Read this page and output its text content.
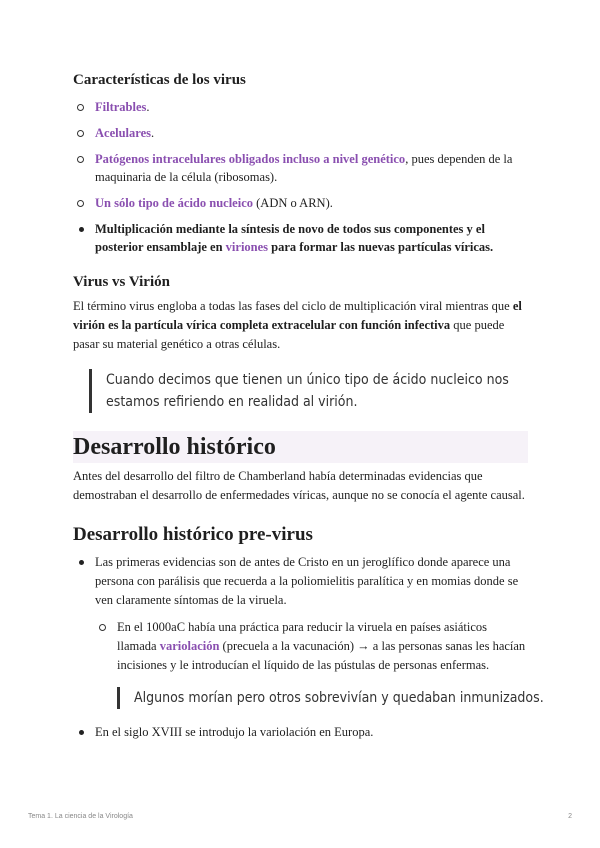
Características de los virus
Filtrables.
Acelulares.
Patógenos intracelulares obligados incluso a nivel genético, pues dependen de la maquinaria de la célula (ribosomas).
Un sólo tipo de ácido nucleico (ADN o ARN).
Multiplicación mediante la síntesis de novo de todos sus componentes y el posterior ensamblaje en viriones para formar las nuevas partículas víricas.
Virus vs Virión

El término virus engloba a todas las fases del ciclo de multiplicación viral mientras que el virión es la partícula vírica completa extracelular con función infectiva que puede pasar su material genético a otras células.

Cuando decimos que tienen un único tipo de ácido nucleico nos estamos refiriendo en realidad al virión.
Desarrollo histórico

Antes del desarrollo del filtro de Chamberland había determinadas evidencias que demostraban el desarrollo de enfermedades víricas, aunque no se conocía el agente causal.

Desarrollo histórico pre-virus
Las primeras evidencias son de antes de Cristo en un jeroglífico donde aparece una persona con parálisis que recuerda a la poliomielitis paralítica y en momias donde se ven claramente síntomas de la viruela.
En el 1000aC había una práctica para reducir la viruela en países asiáticos llamada variolación (precuela a la vacunación) → a las personas sanas les hacían incisiones y le introducían el líquido de las pústulas de personas enfermas.
Algunos morían pero otros sobrevivían y quedaban inmunizados.
En el siglo XVIII se introdujo la variolación en Europa.
Tema 1. La ciencia de la Virología	2
